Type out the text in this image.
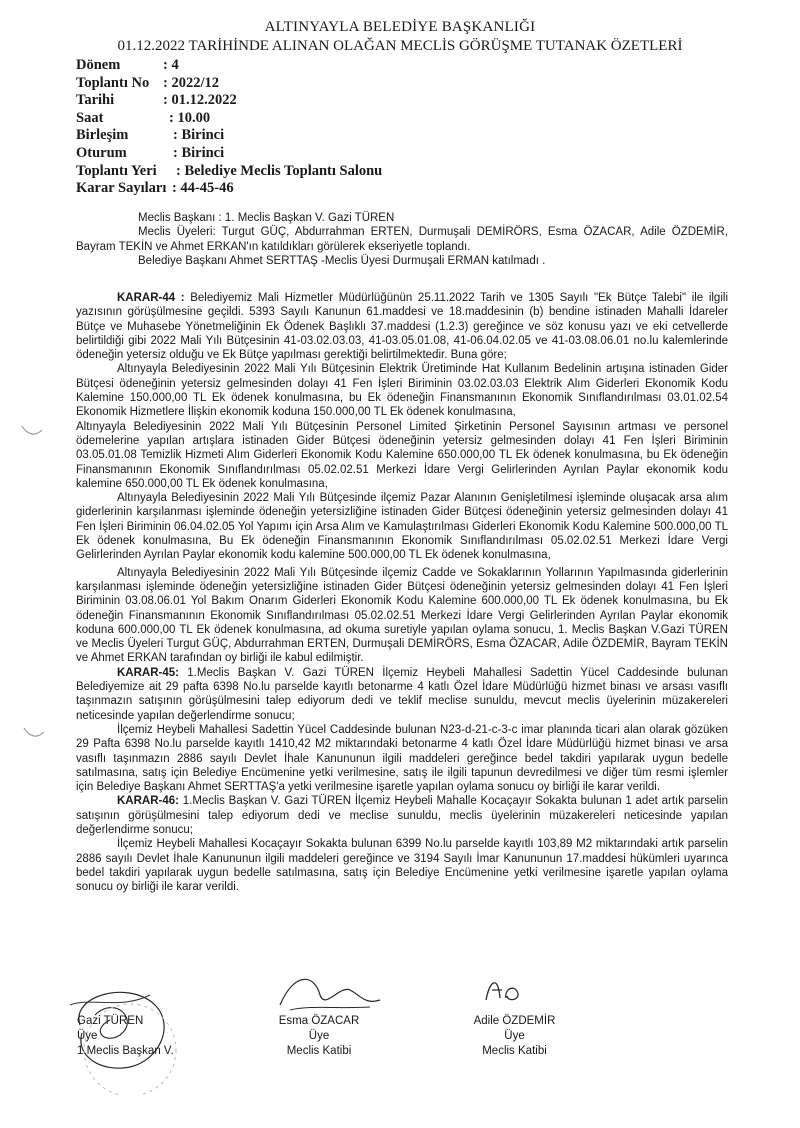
ALTINYAYLA BELEDİYE BAŞKANLIĞI
01.12.2022 TARİHİNDE ALINAN OLAĞAN MECLİS GÖRÜŞME TUTANAK ÖZETLERİ
Dönem	: 4
Toplantı No : 2022/12
Tarihi	: 01.12.2022
Saat	: 10.00
Birleşim	: Birinci
Oturum	: Birinci
Toplantı Yeri	: Belediye Meclis Toplantı Salonu
Karar Sayıları : 44-45-46

Meclis Başkanı : 1. Meclis Başkan V. Gazi TÜREN

Meclis Üyeleri: Turgut GÜÇ, Abdurrahman ERTEN, Durmuşali DEMİRÖRS, Esma ÖZACAR, Adile ÖZDEMİR, Bayram TEKİN ve Ahmet ERKAN'ın katıldıkları görülerek ekseriyetle toplandı.

Belediye Başkanı Ahmet SERTTAŞ -Meclis Üyesi Durmuşali ERMAN katılmadı .

KARAR-44 : Belediyemiz Mali Hizmetler Müdürlüğünün 25.11.2022 Tarih ve 1305 Sayılı "Ek Bütçe Talebi" ile ilgili yazısının görüşülmesine geçildi. 5393 Sayılı Kanunun 61.maddesi ve 18.maddesinin (b) bendine istinaden Mahalli İdareler Bütçe ve Muhasebe Yönetmeliğinin Ek Ödenek Başlıklı 37.maddesi (1.2.3) gereğince ve söz konusu yazı ve eki cetvellerde belirtildiği gibi 2022 Mali Yılı Bütçesinin 41-03.02.03.03, 41-03.05.01.08, 41-06.04.02.05 ve 41-03.08.06.01 no.lu kalemlerinde ödeneğin yetersiz olduğu ve Ek Bütçe yapılması gerektiği belirtilmektedir. Buna göre;

Altınyayla Belediyesinin 2022 Mali Yılı Bütçesinin Elektrik Üretiminde Hat Kullanım Bedelinin artışına istinaden Gider Bütçesi ödeneğinin yetersiz gelmesinden dolayı 41 Fen İşleri Biriminin 03.02.03.03 Elektrik Alım Giderleri Ekonomik Kodu Kalemine 150.000,00 TL Ek ödenek konulmasına, bu Ek ödeneğin Finansmanının Ekonomik Sınıflandırılması 03.01.02.54 Ekonomik Hizmetlere İlişkin ekonomik koduna 150.000,00 TL Ek ödenek konulmasına,

Altınyayla Belediyesinin 2022 Mali Yılı Bütçesinin Personel Limited Şirketinin Personel Sayısının artması ve personel ödemelerine yapılan artışlara istinaden Gider Bütçesi ödeneğinin yetersiz gelmesinden dolayı 41 Fen İşleri Biriminin 03.05.01.08 Temizlik Hizmeti Alım Giderleri Ekonomik Kodu Kalemine 650.000,00 TL Ek ödenek konulmasına, bu Ek ödeneğin Finansmanının Ekonomik Sınıflandırılması 05.02.02.51 Merkezi İdare Vergi Gelirlerinden Ayrılan Paylar ekonomik kodu kalemine 650.000,00 TL Ek ödenek konulmasına,

Altınyayla Belediyesinin 2022 Mali Yılı Bütçesinde ilçemiz Pazar Alanının Genişletilmesi işleminde oluşacak arsa alım giderlerinin karşılanması işleminde ödeneğin yetersizliğine istinaden Gider Bütçesi ödeneğinin yetersiz gelmesinden dolayı 41 Fen İşleri Biriminin 06.04.02.05 Yol Yapımı için Arsa Alım ve Kamulaştırılması Giderleri Ekonomik Kodu Kalemine 500.000,00 TL Ek ödenek konulmasına, Bu Ek ödeneğin Finansmanının Ekonomik Sınıflandırılması 05.02.02.51 Merkezi İdare Vergi Gelirlerinden Ayrılan Paylar ekonomik kodu kalemine 500.000,00 TL Ek ödenek konulmasına,

Altınyayla Belediyesinin 2022 Mali Yılı Bütçesinde ilçemiz Cadde ve Sokaklarının Yollarının Yapılmasında giderlerinin karşılanması işleminde ödeneğin yetersizliğine istinaden Gider Bütçesi ödeneğinin yetersiz gelmesinden dolayı 41 Fen İşleri Biriminin 03.08.06.01 Yol Bakım Onarım Giderleri Ekonomik Kodu Kalemine 600.000,00 TL Ek ödenek konulmasına, bu Ek ödeneğin Finansmanının Ekonomik Sınıflandırılması 05.02.02.51 Merkezi İdare Vergi Gelirlerinden Ayrılan Paylar ekonomik koduna 600.000,00 TL Ek ödenek konulmasına, ad okuma suretiyle yapılan oylama sonucu, 1. Meclis Başkan V.Gazi TÜREN ve Meclis Üyeleri Turgut GÜÇ, Abdurrahman ERTEN, Durmuşali DEMİRÖRS, Esma ÖZACAR, Adile ÖZDEMİR, Bayram TEKİN ve Ahmet ERKAN tarafından oy birliği ile kabul edilmiştir.

KARAR-45: 1.Meclis Başkan V. Gazi TÜREN İlçemiz Heybeli Mahallesi Sadettin Yücel Caddesinde bulunan Belediyemize ait 29 pafta 6398 No.lu parselde kayıtlı betonarme 4 katlı Özel İdare Müdürlüğü hizmet binası ve arsası vasıflı taşınmazın satışının görüşülmesini talep ediyorum dedi ve teklif meclise sunuldu, mevcut meclis üyelerinin müzakereleri neticesinde yapılan değerlendirme sonucu;

İlçemiz Heybeli Mahallesi Sadettin Yücel Caddesinde bulunan N23-d-21-c-3-c imar planında ticari alan olarak gözüken 29 Pafta 6398 No.lu parselde kayıtlı 1410,42 M2 miktarındaki betonarme 4 katlı Özel İdare Müdürlüğü hizmet binası ve arsa vasıflı taşınmazın 2886 sayılı Devlet İhale Kanununun ilgili maddeleri gereğince bedel takdiri yapılarak uygun bedelle satılmasına, satış için Belediye Encümenine yetki verilmesine, satış ile ilgili tapunun devredilmesi ve diğer tüm resmi işlemler için Belediye Başkanı Ahmet SERTTAŞ'a yetki verilmesine işaretle yapılan oylama sonucu oy birliği ile karar verildi.

KARAR-46: 1.Meclis Başkan V. Gazi TÜREN İlçemiz Heybeli Mahalle Kocaçayır Sokakta bulunan 1 adet artık parselin satışının görüşülmesini talep ediyorum dedi ve meclise sunuldu, meclis üyelerinin müzakereleri neticesinde yapılan değerlendirme sonucu;

İlçemiz Heybeli Mahallesi Kocaçayır Sokakta bulunan 6399 No.lu parselde kayıtlı 103,89 M2 miktarındaki artık parselin 2886 sayılı Devlet İhale Kanununun ilgili maddeleri gereğince ve 3194 Sayılı İmar Kanununun 17.maddesi hükümleri uyarınca bedel takdiri yapılarak uygun bedelle satılmasına, satış için Belediye Encümenine yetki verilmesine işaretle yapılan oylama sonucu oy birliği ile karar verildi.

Gazi TÜREN
Üye
1.Meclis Başkan V.
Esma ÖZACAR
Üye
Meclis Katibi
Adile ÖZDEMİR
Üye
Meclis Katibi
